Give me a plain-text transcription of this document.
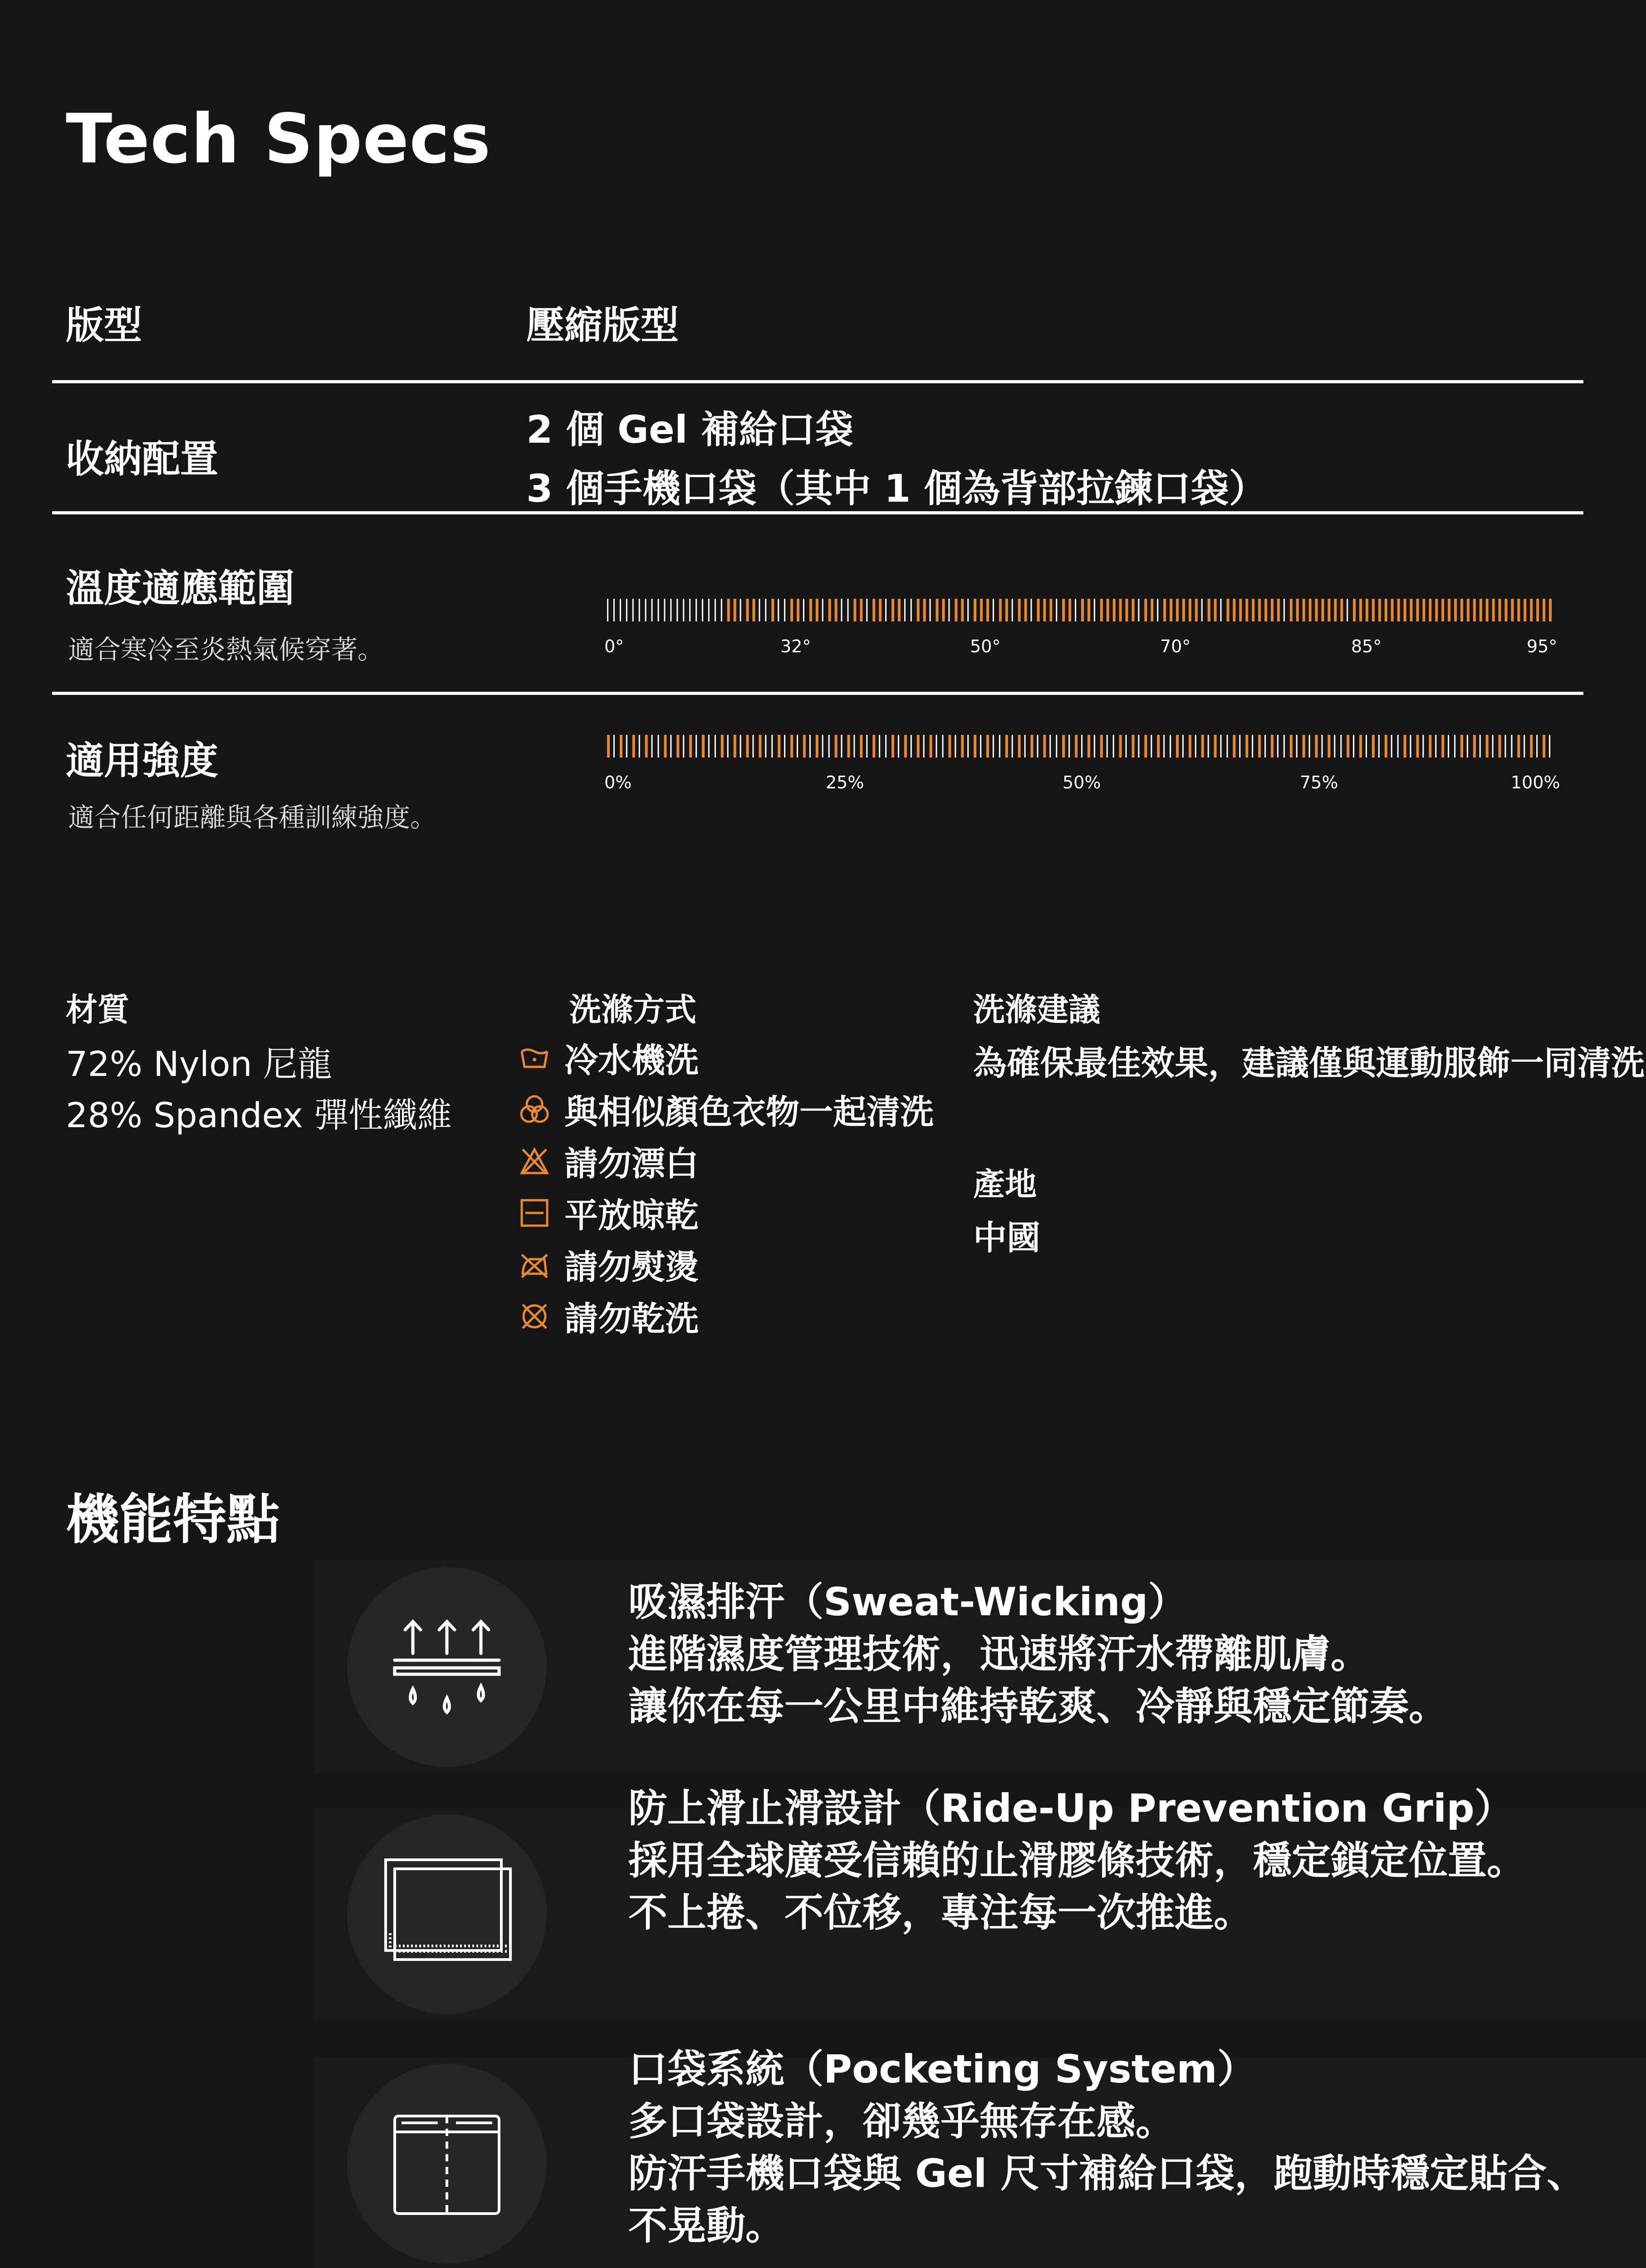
Tech Specs
版型	壓縮版型
收納配置
2 個 Gel 補給口袋
3 個手機口袋（其中 1 個為背部拉鍊口袋）
溫度適應範圍
適合寒冷至炎熱氣候穿著。	0°	32°	50°	70°	85°	95°
適用強度
適合任何距離與各種訓練強度。
0%	25%	50%	75%	100%
材質
72% Nylon 尼龍
28% Spandex 彈性纖維
洗滌方式
冷水機洗
與相似顏色衣物一起清洗
請勿漂白
平放晾乾
請勿熨燙
請勿乾洗
洗滌建議
為確保最佳效果，建議僅與運動服飾一同清洗
產地
中國
機能特點
吸濕排汗（Sweat-Wicking）
進階濕度管理技術，迅速將汗水帶離肌膚。
讓你在每一公里中維持乾爽、冷靜與穩定節奏。
防上滑止滑設計（Ride-Up Prevention Grip）
採用全球廣受信賴的止滑膠條技術，穩定鎖定位置。
不上捲、不位移，專注每一次推進。
口袋系統（Pocketing System）
多口袋設計，卻幾乎無存在感。
防汗手機口袋與 Gel 尺寸補給口袋，跑動時穩定貼合、
不晃動。
